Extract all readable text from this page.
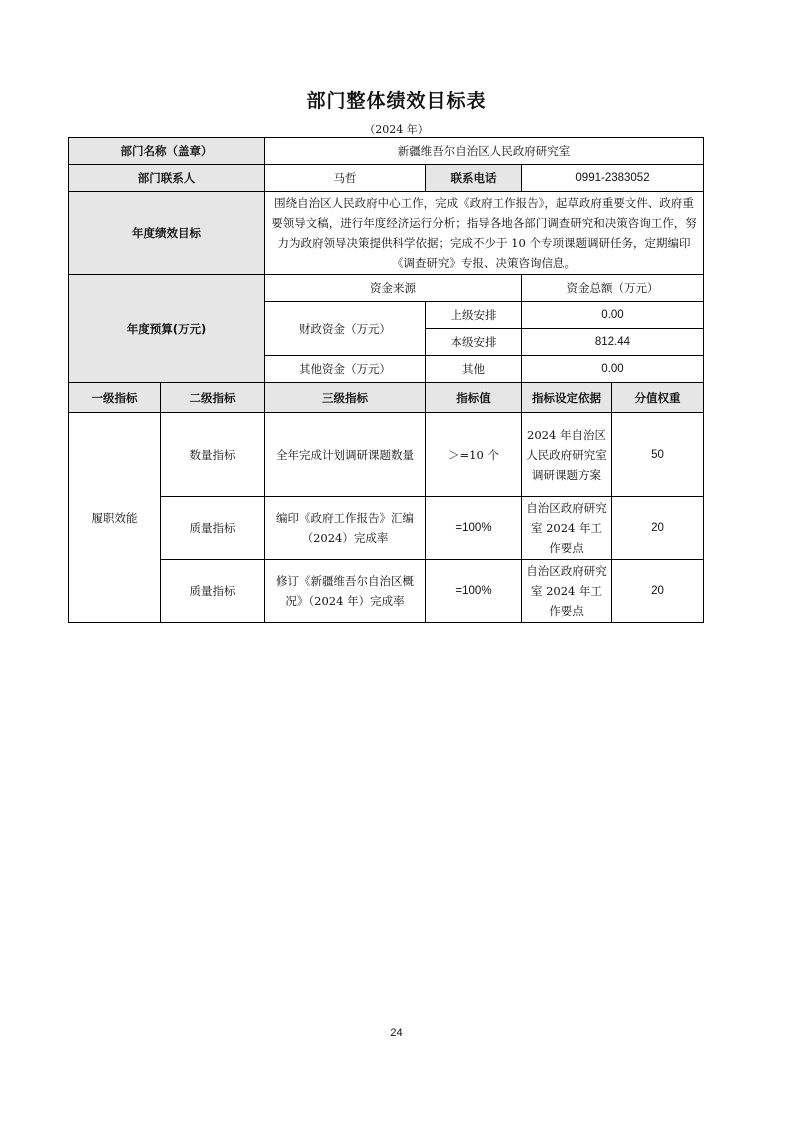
部门整体绩效目标表
（2024 年）
部门名称（盖章）		新疆维吾尔自治区人民政府研究室			
部门联系人		马哲	联系电话	0991-2383052	
年度绩效目标		围绕自治区人民政府中心工作，完成《政府工作报告》，起草政府重要文件、政府重要领导文稿，进行年度经济运行分析；指导各地各部门调查研究和决策咨询工作，努力为政府领导决策提供科学依据；完成不少于 10 个专项课题调研任务，定期编印《调查研究》专报、决策咨询信息。			
年度预算(万元)		资金来源		资金总额（万元）	
		财政资金（万元）	上级安排	0.00	
			本级安排	812.44	
		其他资金（万元）	其他	0.00	
一级指标	二级指标	三级指标	指标值	指标设定依据	分值权重
履职效能	数量指标	全年完成计划调研课题数量	＞=10 个	2024 年自治区人民政府研究室调研课题方案	50
	质量指标	编印《政府工作报告》汇编（2024）完成率	=100%	自治区政府研究室 2024 年工作要点	20
	质量指标	修订《新疆维吾尔自治区概况》（2024 年）完成率	=100%	自治区政府研究室 2024 年工作要点	20
24
